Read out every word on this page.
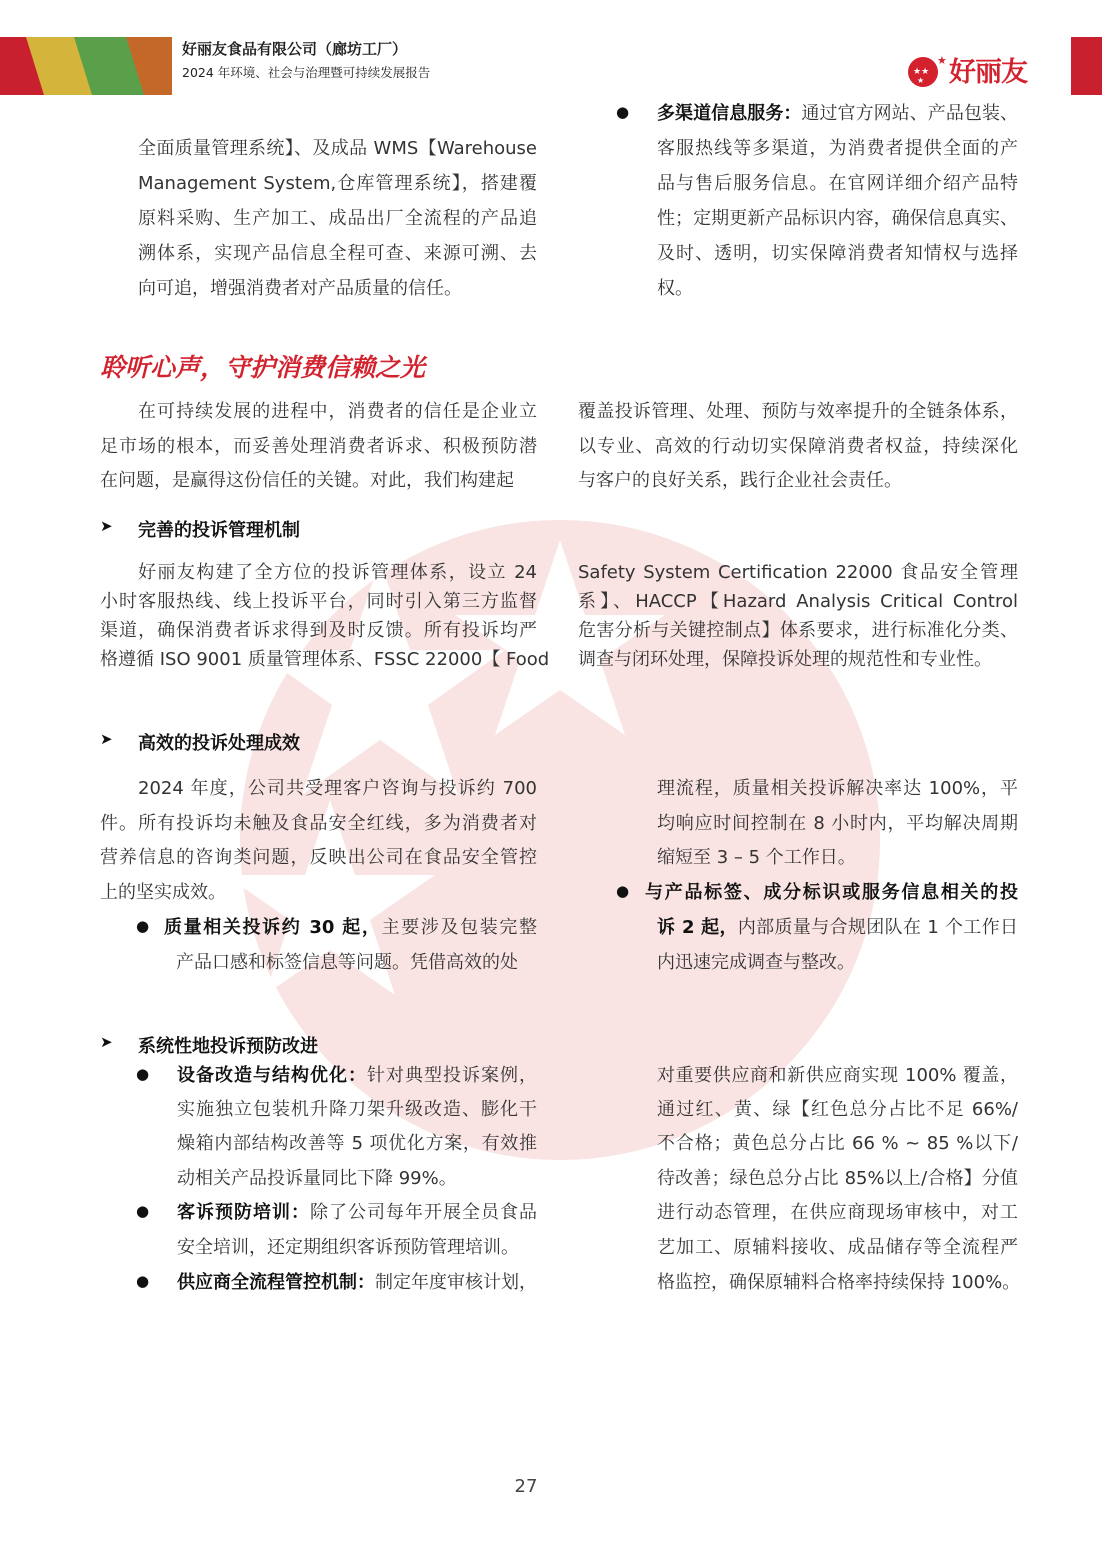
好丽友食品有限公司（廊坊工厂）
2024 年环境、社会与治理暨可持续发展报告	★★
★
★ 好丽友
聆听心声，守护消费信赖之光
➤ 完善的投诉管理机制
➤ 高效的投诉处理成效
➤ 系统性地投诉预防改进
●
●
●
●
●
●
全面质量管理系统】、及成品 WMS【Warehouse
Management System,仓库管理系统】，搭建覆
原料采购、生产加工、成品出厂全流程的产品追
溯体系，实现产品信息全程可查、来源可溯、去
向可追，增强消费者对产品质量的信任。
多渠道信息服务：通过官方网站、产品包装、
客服热线等多渠道，为消费者提供全面的产
品与售后服务信息。在官网详细介绍产品特
性；定期更新产品标识内容，确保信息真实、
及时、透明，切实保障消费者知情权与选择
权。
在可持续发展的进程中，消费者的信任是企业立
足市场的根本，而妥善处理消费者诉求、积极预防潜
在问题，是赢得这份信任的关键。对此，我们构建起
覆盖投诉管理、处理、预防与效率提升的全链条体系，
以专业、高效的行动切实保障消费者权益，持续深化
与客户的良好关系，践行企业社会责任。
好丽友构建了全方位的投诉管理体系，设立 24
小时客服热线、线上投诉平台，同时引入第三方监督
渠道，确保消费者诉求得到及时反馈。所有投诉均严
格遵循 ISO 9001 质量管理体系、FSSC 22000【 Food
Safety System Certification 22000 食品安全管理
系】、HACCP【Hazard Analysis Critical Control
危害分析与关键控制点】体系要求，进行标准化分类、
调查与闭环处理，保障投诉处理的规范性和专业性。
2024 年度，公司共受理客户咨询与投诉约 700
件。所有投诉均未触及食品安全红线，多为消费者对
营养信息的咨询类问题，反映出公司在食品安全管控
上的坚实成效。
质量相关投诉约 30 起，主要涉及包装完整
产品口感和标签信息等问题。凭借高效的处
理流程，质量相关投诉解决率达 100%，平
均响应时间控制在 8 小时内，平均解决周期
缩短至 3 – 5 个工作日。
与产品标签、成分标识或服务信息相关的投
诉 2 起，内部质量与合规团队在 1 个工作日
内迅速完成调查与整改。
设备改造与结构优化：针对典型投诉案例，
实施独立包装机升降刀架升级改造、膨化干
燥箱内部结构改善等 5 项优化方案，有效推
动相关产品投诉量同比下降 99%。
客诉预防培训：除了公司每年开展全员食品
安全培训，还定期组织客诉预防管理培训。
供应商全流程管控机制：制定年度审核计划，
对重要供应商和新供应商实现 100% 覆盖，
通过红、黄、绿【红色总分占比不足 66%/
不合格；黄色总分占比 66 % ~ 85 %以下/
待改善；绿色总分占比 85%以上/合格】分值
进行动态管理，在供应商现场审核中，对工
艺加工、原辅料接收、成品储存等全流程严
格监控，确保原辅料合格率持续保持 100%。
27
